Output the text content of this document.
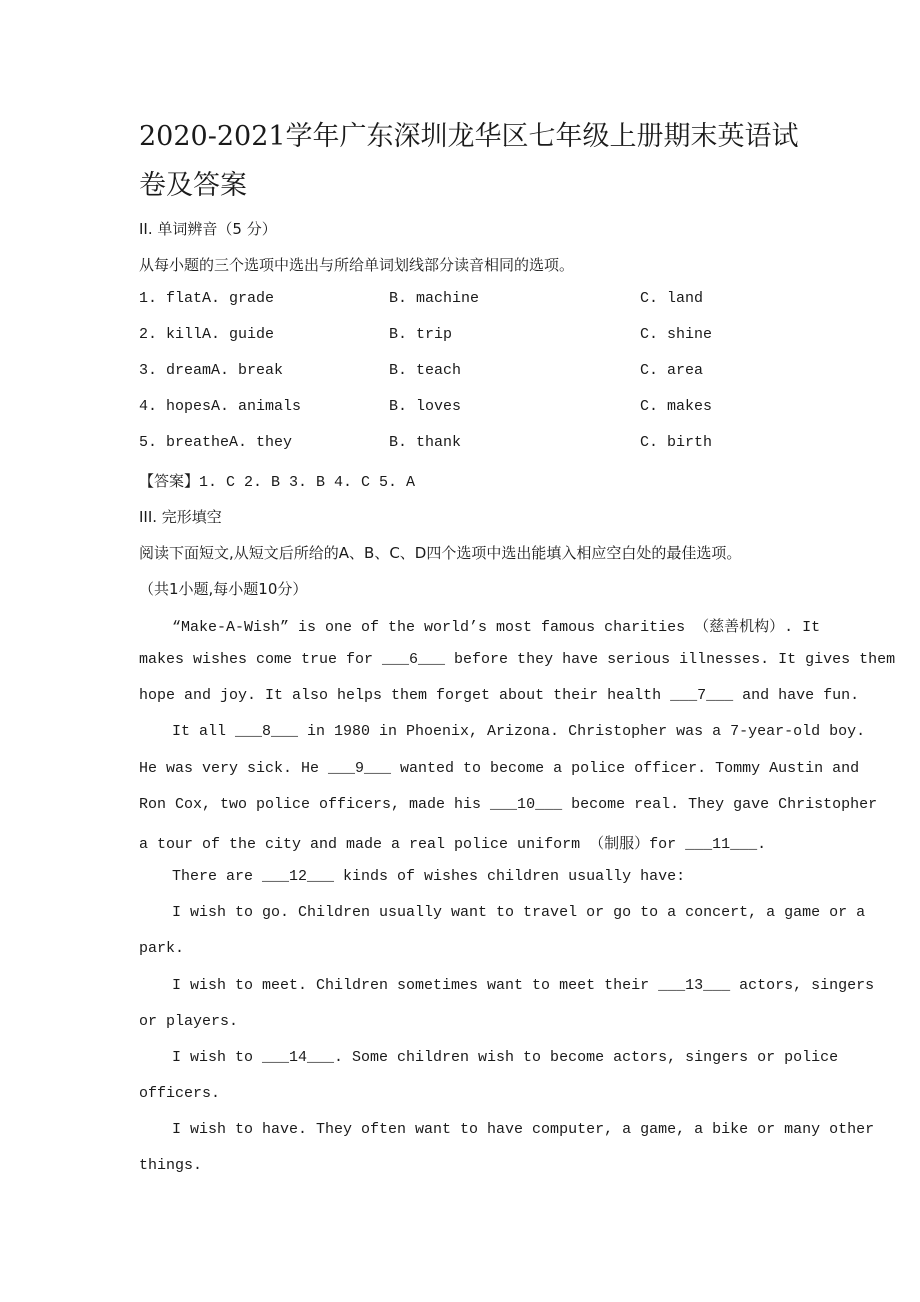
2020-2021学年广东深圳龙华区七年级上册期末英语试卷及答案
II. 单词辨音（5 分）
从每小题的三个选项中选出与所给单词划线部分读音相同的选项。
1. flatA. grade	B. machine	C. land
2. killA. guide	B. trip	C. shine
3. dreamA. break	B. teach	C. area
4. hopesA. animals	B. loves	C. makes
5. breatheA. they	B. thank	C. birth
【答案】1. C 2. B 3. B 4. C 5. A
III. 完形填空
阅读下面短文,从短文后所给的A、B、C、D四个选项中选出能填入相应空白处的最佳选项。
（共1小题,每小题10分）
“Make-A-Wish” is one of the world’s most famous charities （慈善机构）. It
makes wishes come true for ___6___ before they have serious illnesses. It gives them
hope and joy. It also helps them forget about their health ___7___ and have fun.
It all ___8___ in 1980 in Phoenix, Arizona. Christopher was a 7-year-old boy.
He was very sick. He ___9___ wanted to become a police officer. Tommy Austin and
Ron Cox, two police officers, made his ___10___ become real. They gave Christopher
a tour of the city and made a real police uniform （制服）for ___11___.
There are ___12___ kinds of wishes children usually have:
I wish to go. Children usually want to travel or go to a concert, a game or a
park.
I wish to meet. Children sometimes want to meet their ___13___ actors, singers
or players.
I wish to ___14___. Some children wish to become actors, singers or police
officers.
I wish to have. They often want to have computer, a game, a bike or many other
things.
